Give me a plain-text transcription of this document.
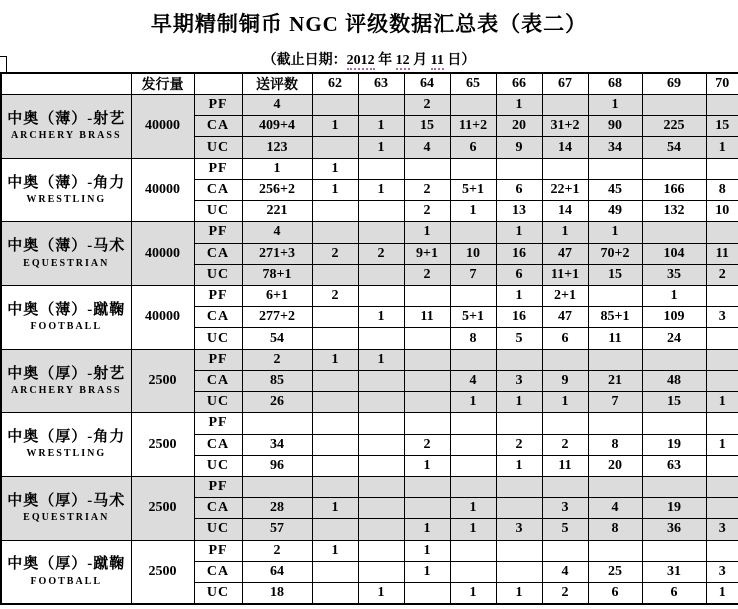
早期精制铜币 NGC 评级数据汇总表（表二）
（截止日期：2012 年 12 月 11 日）
	发行量		送评数	62	63	64	65	66	67	68	69	70

中奥（薄）-射艺
ARCHERY BRASS	40000	PF	4			2		1		1		
		CA	409+4	1	1	15	11+2	20	31+2	90	225	15
		UC	123		1	4	6	9	14	34	54	1

中奥（薄）-角力
WRESTLING	40000	PF	1	1								
		CA	256+2	1	1	2	5+1	6	22+1	45	166	8
		UC	221			2	1	13	14	49	132	10

中奥（薄）-马术
EQUESTRIAN	40000	PF	4			1		1	1	1		
		CA	271+3	2	2	9+1	10	16	47	70+2	104	11
		UC	78+1			2	7	6	11+1	15	35	2

中奥（薄）-蹴鞠
FOOTBALL	40000	PF	6+1	2				1	2+1		1	
		CA	277+2		1	11	5+1	16	47	85+1	109	3
		UC	54				8	5	6	11	24	

中奥（厚）-射艺
ARCHERY BRASS	2500	PF	2	1	1							
		CA	85				4	3	9	21	48	
		UC	26				1	1	1	7	15	1

中奥（厚）-角力
WRESTLING	2500	PF										
		CA	34			2		2	2	8	19	1
		UC	96			1		1	11	20	63	

中奥（厚）-马术
EQUESTRIAN	2500	PF										
		CA	28	1			1		3	4	19	
		UC	57			1	1	3	5	8	36	3

中奥（厚）-蹴鞠
FOOTBALL	2500	PF	2	1		1						
		CA	64			1			4	25	31	3
		UC	18		1		1	1	2	6	6	1
